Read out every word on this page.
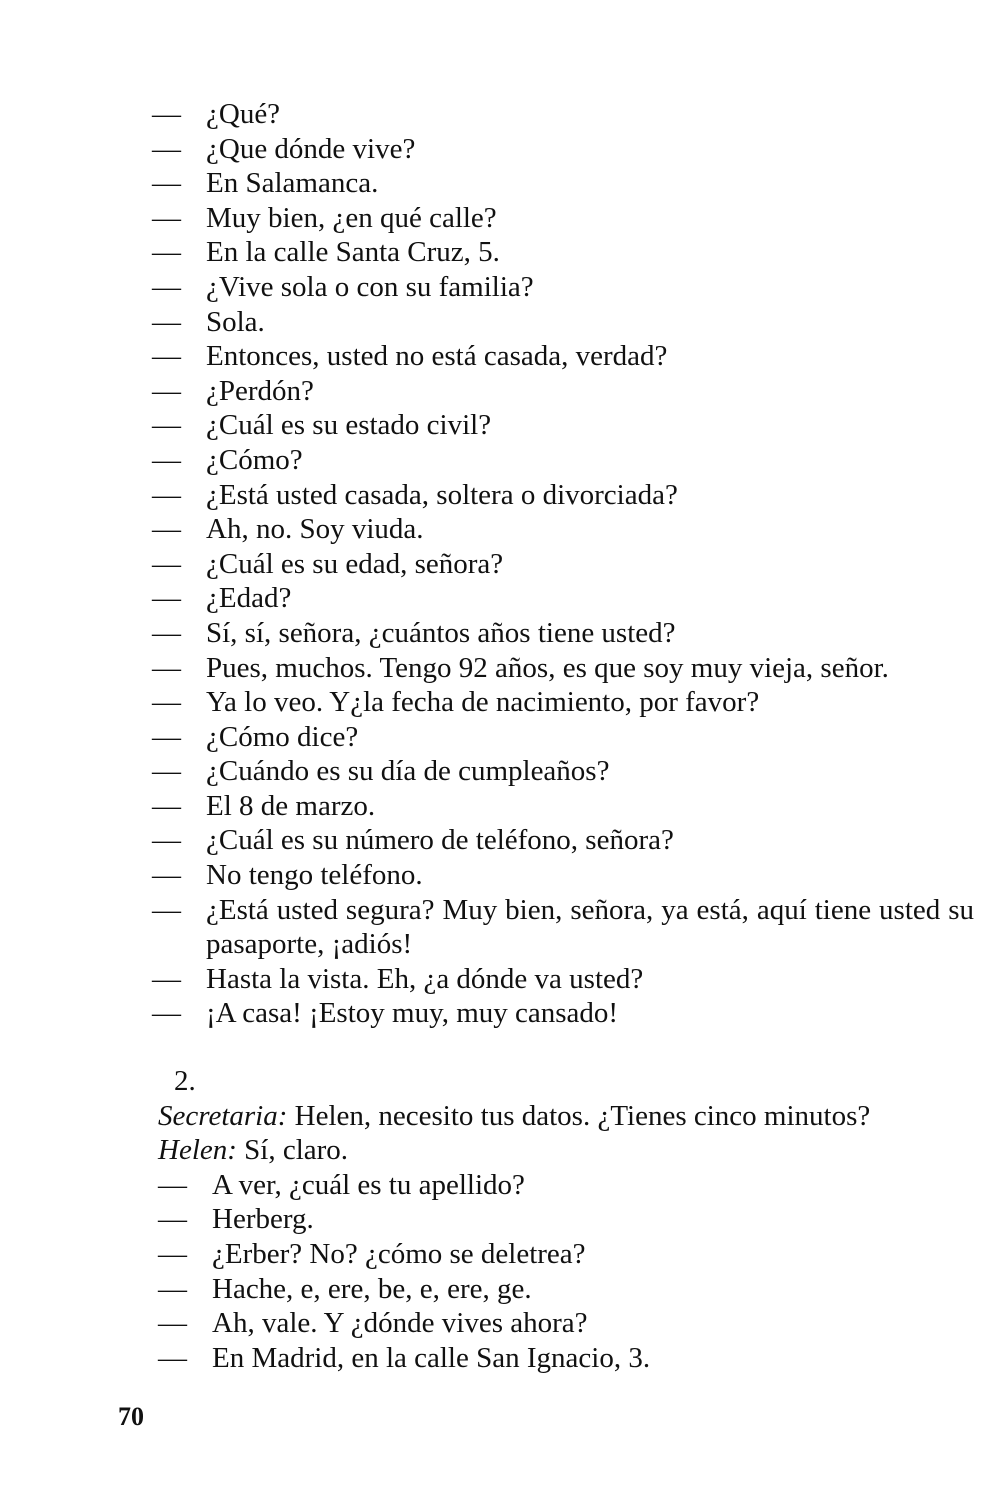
— ¿Qué?
— ¿Que dónde vive?
— En Salamanca.
— Muy bien, ¿en qué calle?
— En la calle Santa Cruz, 5.
— ¿Vive sola o con su familia?
— Sola.
— Entonces, usted no está casada, verdad?
— ¿Perdón?
— ¿Cuál es su estado civil?
— ¿Cómo?
— ¿Está usted casada, soltera o divorciada?
— Ah, no. Soy viuda.
— ¿Cuál es su edad, señora?
— ¿Edad?
— Sí, sí, señora, ¿cuántos años tiene usted?
— Pues, muchos. Tengo 92 años, es que soy muy vieja, señor.
— Ya lo veo. Y¿la fecha de nacimiento, por favor?
— ¿Cómo dice?
— ¿Cuándo es su día de cumpleaños?
— El 8 de marzo.
— ¿Cuál es su número de teléfono, señora?
— No tengo teléfono.
— ¿Está usted segura? Muy bien, señora, ya está, aquí tiene usted su pasaporte, ¡adiós!
— Hasta la vista. Eh, ¿a dónde va usted?
— ¡A casa! ¡Estoy muy, muy cansado!
2.
Secretaria: Helen, necesito tus datos. ¿Tienes cinco minutos?
Helen: Sí, claro.
— A ver, ¿cuál es tu apellido?
— Herberg.
— ¿Erber? No? ¿cómo se deletrea?
— Hache, e, ere, be, e, ere, ge.
— Ah, vale. Y ¿dónde vives ahora?
— En Madrid, en la calle San Ignacio, 3.
70
